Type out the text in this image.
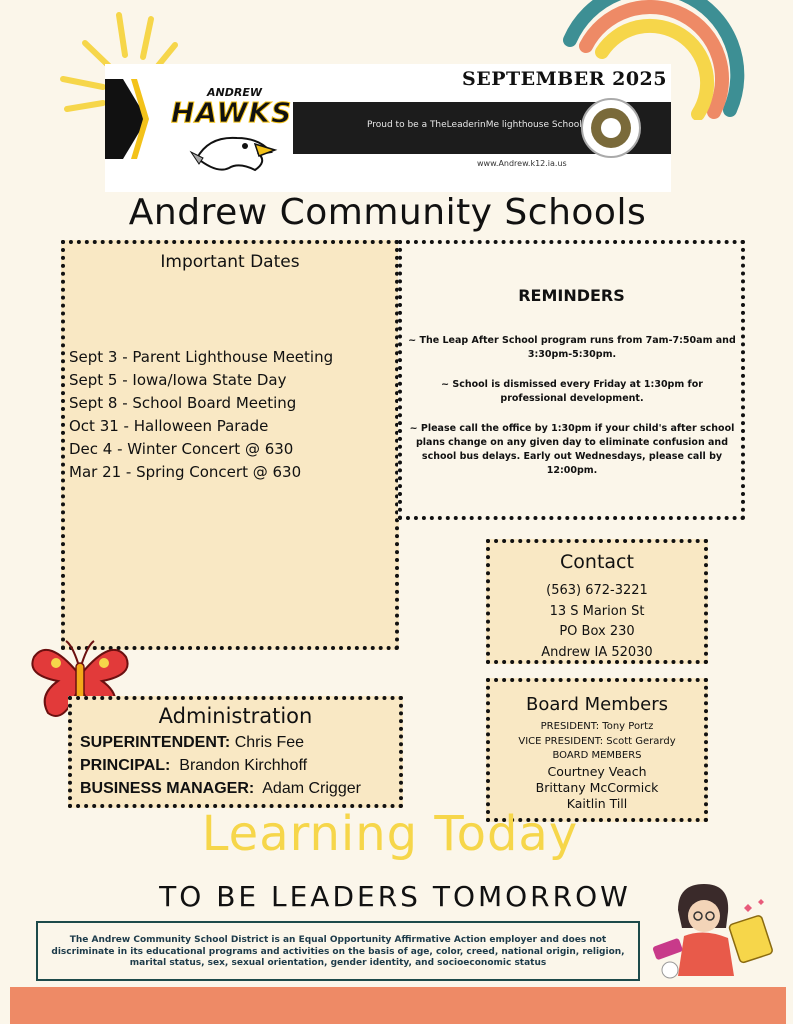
SEPTEMBER 2025
ANDREW
HAWKS	Proud to be a TheLeaderinMe lighthouse School.
www.Andrew.k12.ia.us
Andrew Community Schools
Important Dates
Sept 3 - Parent Lighthouse Meeting
Sept 5 - Iowa/Iowa State Day
Sept 8 - School Board Meeting
Oct 31 - Halloween Parade
Dec 4 - Winter Concert @ 630
Mar 21 - Spring Concert @ 630
REMINDERS
~ The Leap After School program runs from 7am-7:50am and 3:30pm-5:30pm.
~ School is dismissed every Friday at 1:30pm for professional development.
~ Please call the office by 1:30pm if your child's after school plans change on any given day to eliminate confusion and school bus delays. Early out Wednesdays, please call by 12:00pm.
Contact
(563) 672-3221
13 S Marion St
PO Box 230
Andrew IA 52030
Administration
SUPERINTENDENT: Chris Fee
PRINCIPAL: Brandon Kirchhoff
BUSINESS MANAGER: Adam Crigger
Board Members
PRESIDENT: Tony Portz
VICE PRESIDENT: Scott Gerardy
BOARD MEMBERS
Courtney Veach
Brittany McCormick
Kaitlin Till
Learning Today
TO BE LEADERS TOMORROW
The Andrew Community School District is an Equal Opportunity Affirmative Action employer and does not discriminate in its educational programs and activities on the basis of age, color, creed, national origin, religion, marital status, sex, sexual orientation, gender identity, and socioeconomic status
